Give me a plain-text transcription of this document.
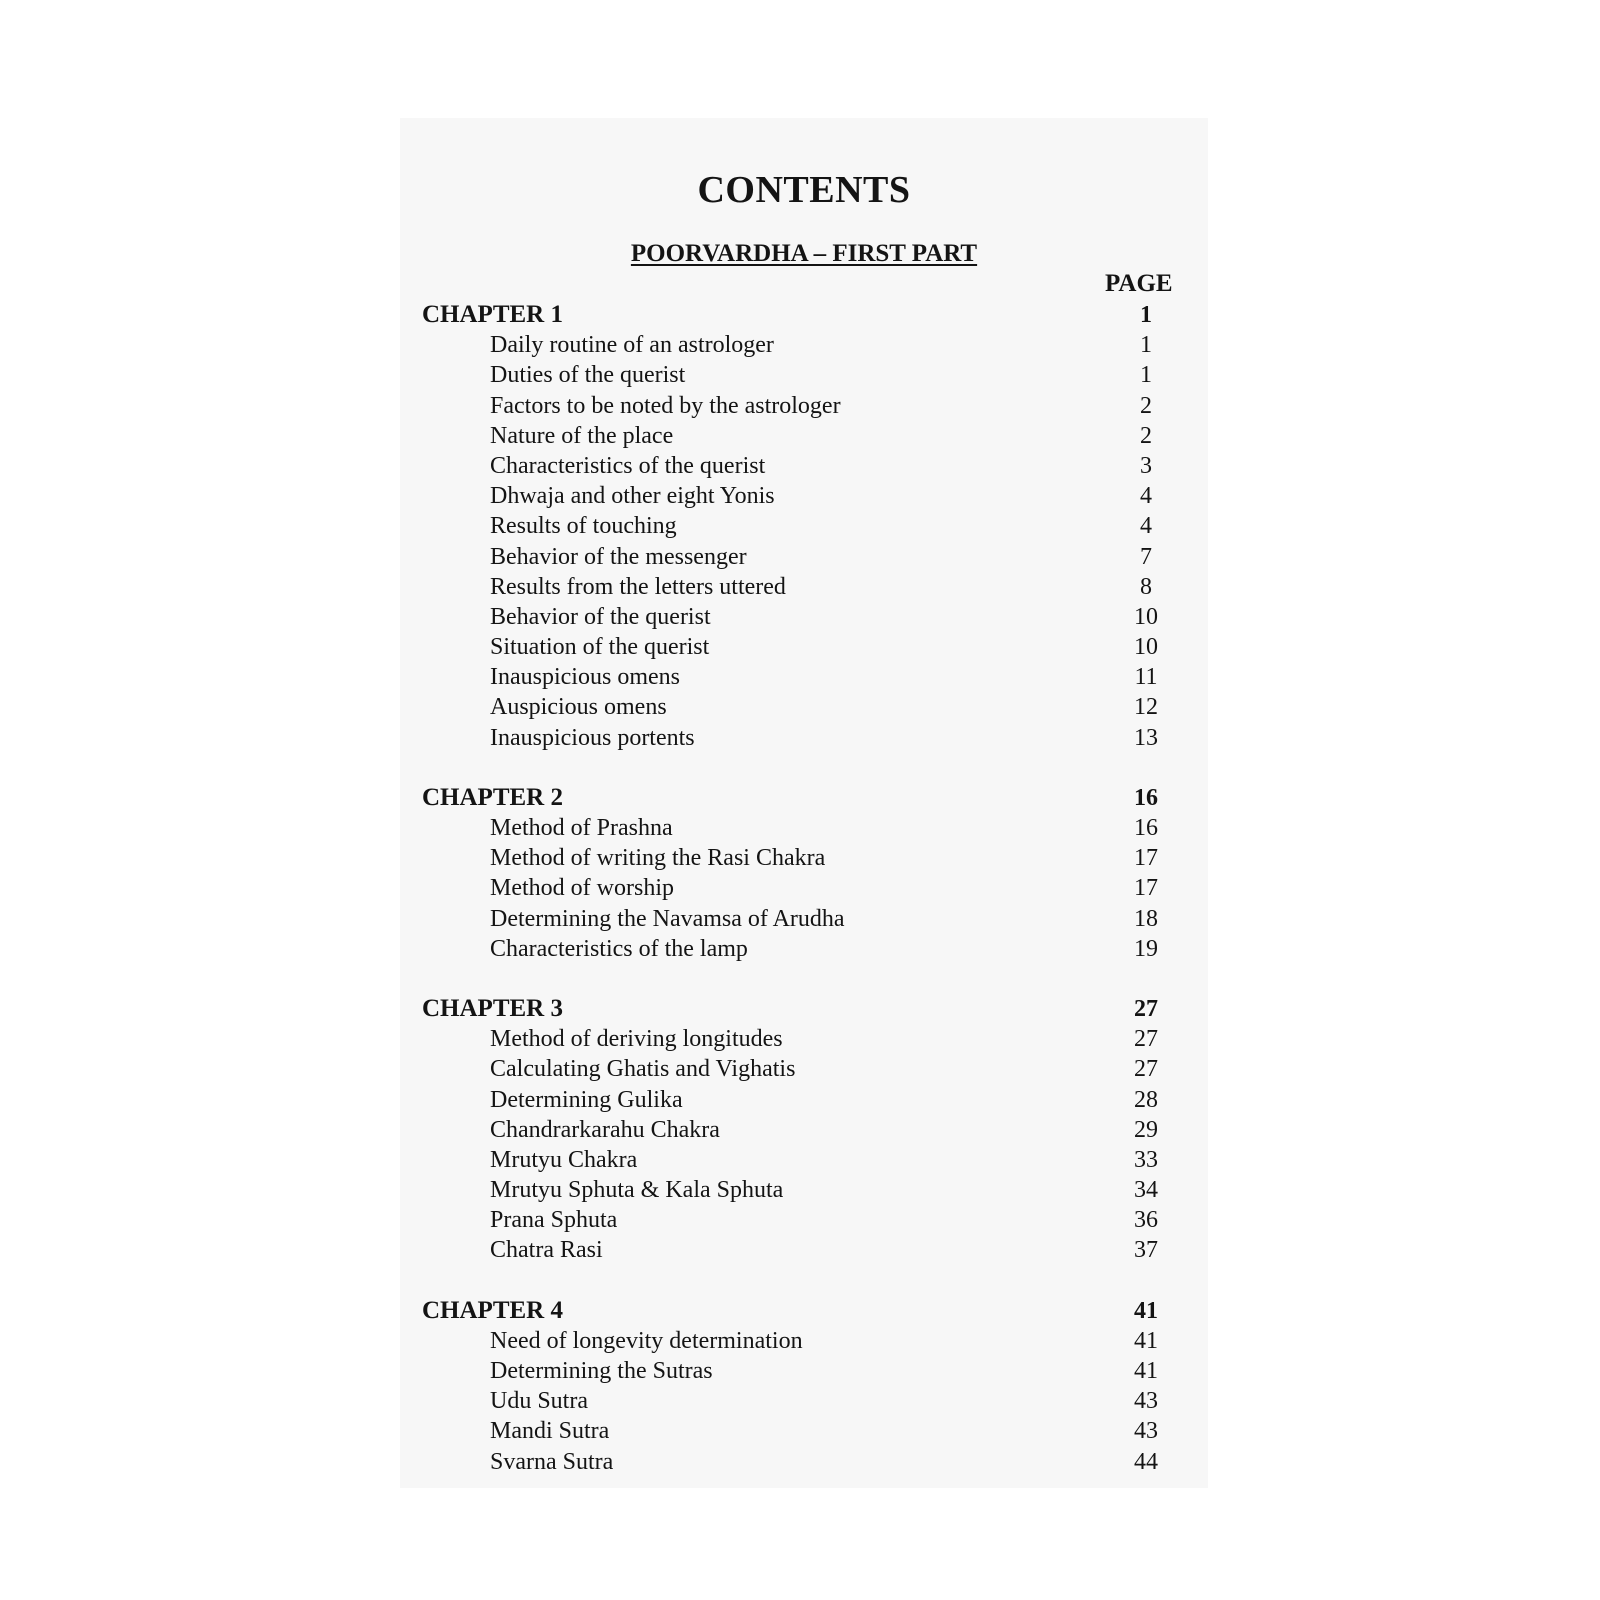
CONTENTS
POORVARDHA – FIRST PART
PAGE
CHAPTER 1	1
Daily routine of an astrologer	1
Duties of the querist	1
Factors to be noted by the astrologer	2
Nature of the place	2
Characteristics of the querist	3
Dhwaja and other eight Yonis	4
Results of touching	4
Behavior of the messenger	7
Results from the letters uttered	8
Behavior of the querist	10
Situation of the querist	10
Inauspicious omens	11
Auspicious omens	12
Inauspicious portents	13
CHAPTER 2	16
Method of Prashna	16
Method of writing the Rasi Chakra	17
Method of worship	17
Determining the Navamsa of Arudha	18
Characteristics of the lamp	19
CHAPTER 3	27
Method of deriving longitudes	27
Calculating Ghatis and Vighatis	27
Determining Gulika	28
Chandrarkarahu Chakra	29
Mrutyu Chakra	33
Mrutyu Sphuta & Kala Sphuta	34
Prana Sphuta	36
Chatra Rasi	37
CHAPTER 4	41
Need of longevity determination	41
Determining the Sutras	41
Udu Sutra	43
Mandi Sutra	43
Svarna Sutra	44
